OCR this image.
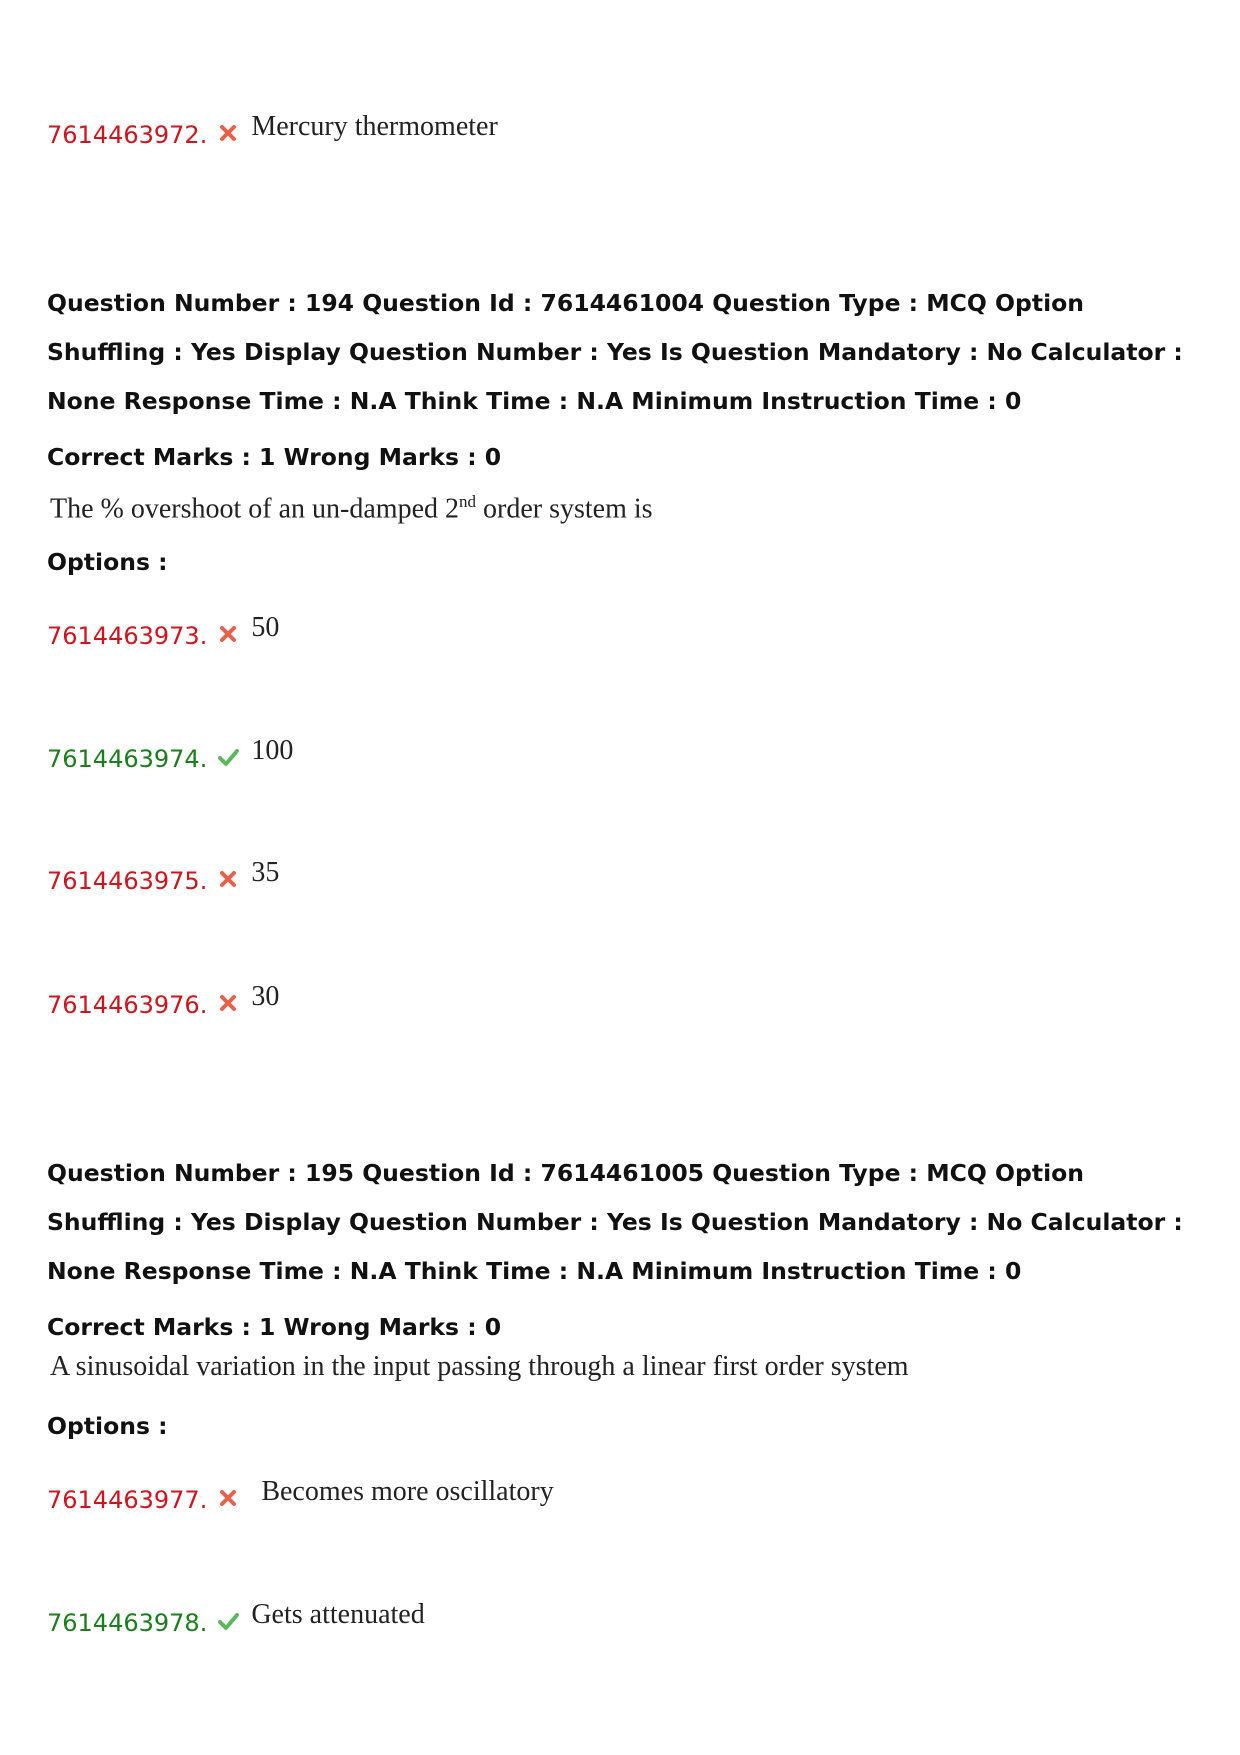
7614463972. Mercury thermometer

Question Number : 194 Question Id : 7614461004 Question Type : MCQ Option Shuffling : Yes Display Question Number : Yes Is Question Mandatory : No Calculator : None Response Time : N.A Think Time : N.A Minimum Instruction Time : 0

Correct Marks : 1 Wrong Marks : 0
The % overshoot of an un-damped 2nd order system is
Options :
7614463973. 50
7614463974. 100
7614463975. 35
7614463976. 30

Question Number : 195 Question Id : 7614461005 Question Type : MCQ Option Shuffling : Yes Display Question Number : Yes Is Question Mandatory : No Calculator : None Response Time : N.A Think Time : N.A Minimum Instruction Time : 0

Correct Marks : 1 Wrong Marks : 0
A sinusoidal variation in the input passing through a linear first order system
Options :
7614463977. Becomes more oscillatory
7614463978. Gets attenuated
